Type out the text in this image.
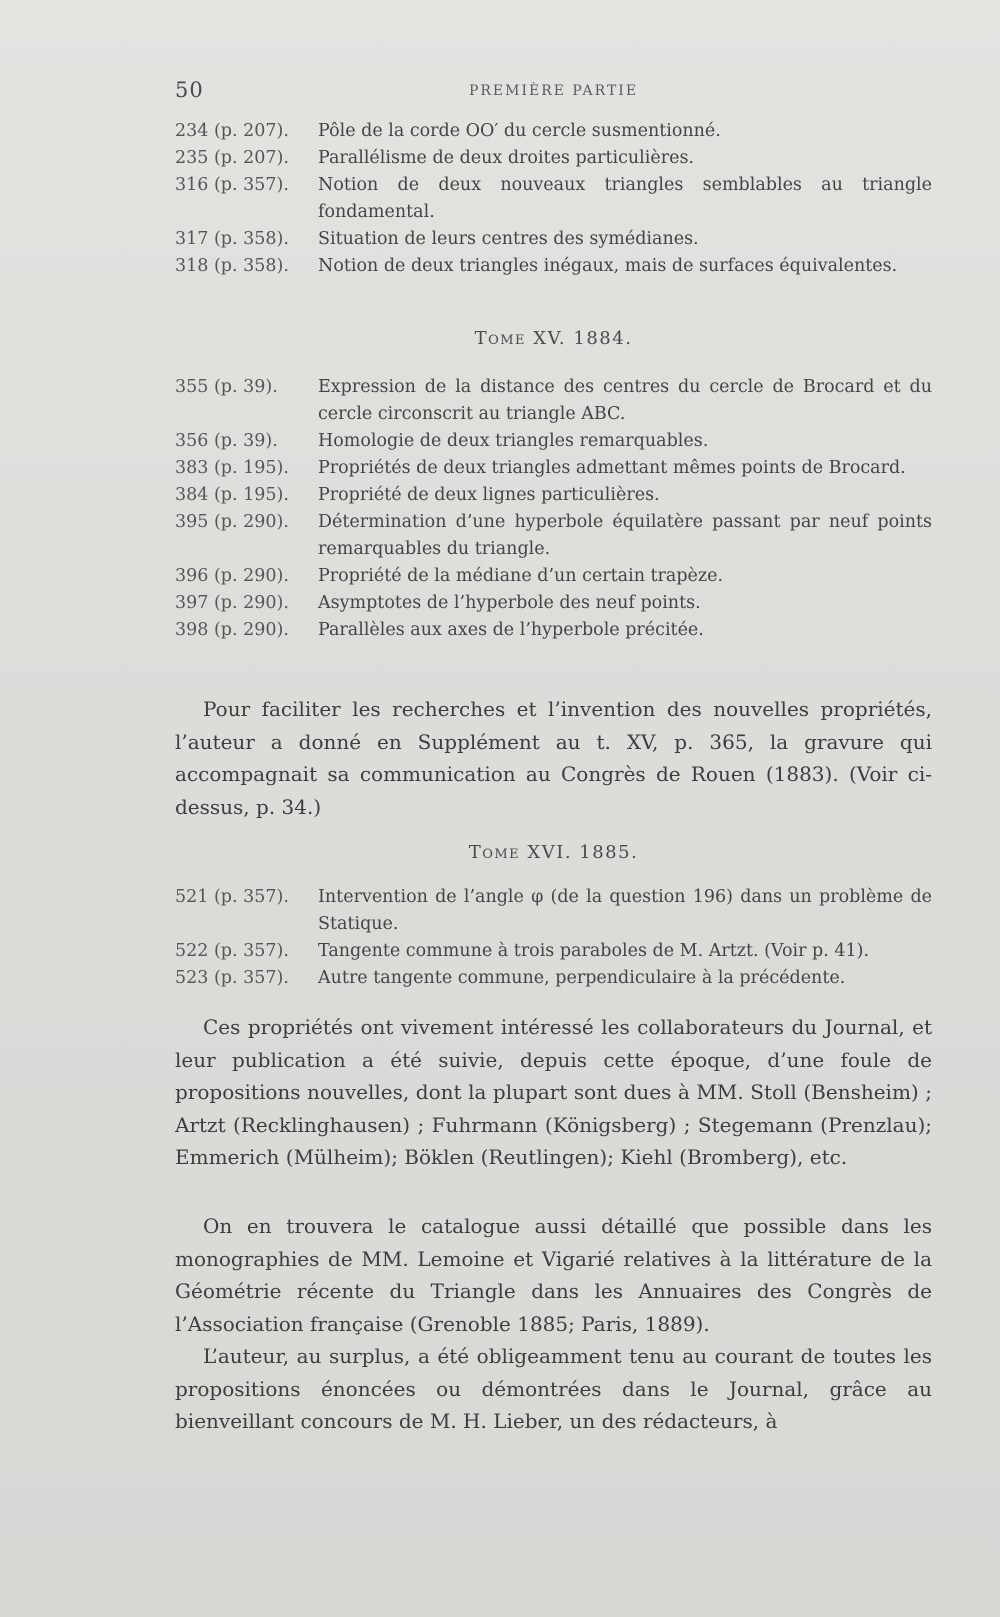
50	PREMIÈRE PARTIE
234 (p. 207). Pôle de la corde OO′ du cercle susmentionné.
235 (p. 207). Parallélisme de deux droites particulières.
316 (p. 357). Notion de deux nouveaux triangles semblables au triangle fondamental.
317 (p. 358). Situation de leurs centres des symédianes.
318 (p. 358). Notion de deux triangles inégaux, mais de surfaces équivalentes.
Tome XV. 1884.
355 (p. 39). Expression de la distance des centres du cercle de Brocard et du cercle circonscrit au triangle ABC.
356 (p. 39). Homologie de deux triangles remarquables.
383 (p. 195). Propriétés de deux triangles admettant mêmes points de Brocard.
384 (p. 195). Propriété de deux lignes particulières.
395 (p. 290). Détermination d’une hyperbole équilatère passant par neuf points remarquables du triangle.
396 (p. 290). Propriété de la médiane d’un certain trapèze.
397 (p. 290). Asymptotes de l’hyperbole des neuf points.
398 (p. 290). Parallèles aux axes de l’hyperbole précitée.

Pour faciliter les recherches et l’invention des nouvelles propriétés, l’auteur a donné en Supplément au t. XV, p. 365, la gravure qui accompagnait sa communication au Congrès de Rouen (1883). (Voir ci-dessus, p. 34.)

Tome XVI. 1885.
521 (p. 357). Intervention de l’angle φ (de la question 196) dans un problème de Statique.
522 (p. 357). Tangente commune à trois paraboles de M. Artzt. (Voir p. 41).
523 (p. 357). Autre tangente commune, perpendiculaire à la précédente.

Ces propriétés ont vivement intéressé les collaborateurs du Journal, et leur publication a été suivie, depuis cette époque, d’une foule de propositions nouvelles, dont la plupart sont dues à MM. Stoll (Bensheim) ; Artzt (Recklinghausen) ; Fuhrmann (Königsberg) ; Stegemann (Prenzlau); Emmerich (Mülheim); Böklen (Reutlingen); Kiehl (Bromberg), etc.

On en trouvera le catalogue aussi détaillé que possible dans les monographies de MM. Lemoine et Vigarié relatives à la littérature de la Géométrie récente du Triangle dans les Annuaires des Congrès de l’Association française (Grenoble 1885; Paris, 1889).

L’auteur, au surplus, a été obligeamment tenu au courant de toutes les propositions énoncées ou démontrées dans le Journal, grâce au bienveillant concours de M. H. Lieber, un des rédacteurs, à
